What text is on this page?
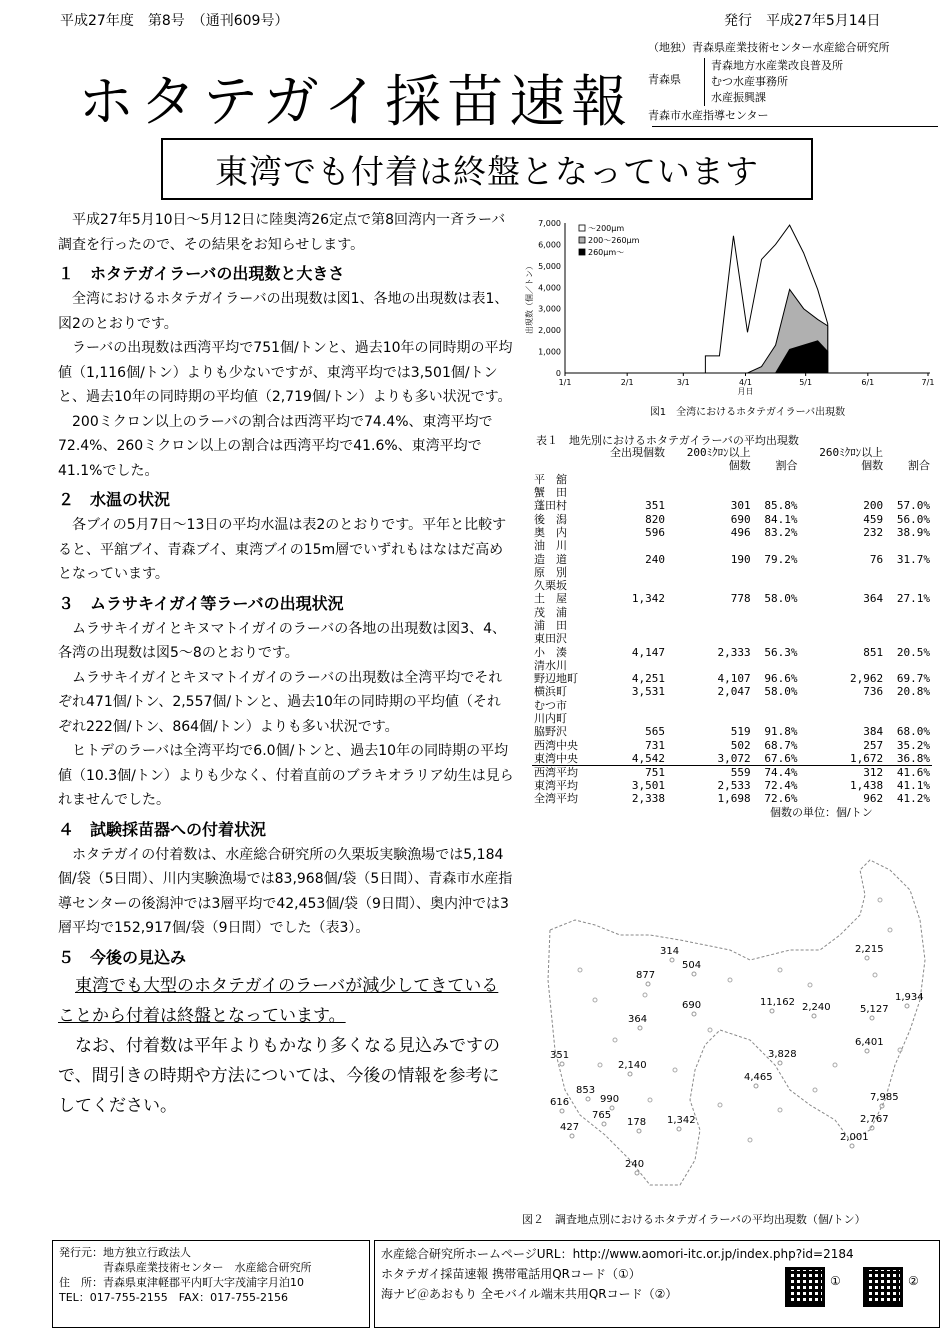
平成27年度　第8号　（通刊609号）	発行　平成27年5月14日
ホタテガイ採苗速報
（地独）青森県産業技術センター水産総合研究所
青森県
青森地方水産業改良普及所
むつ水産事務所
水産振興課
青森市水産指導センター
東湾でも付着は終盤となっています

平成27年5月10日～5月12日に陸奥湾26定点で第8回湾内一斉ラーバ調査を行ったので、その結果をお知らせします。

１　ホタテガイラーバの出現数と大きさ

全湾におけるホタテガイラーバの出現数は図1、各地の出現数は表1、図2のとおりです。

ラーバの出現数は西湾平均で751個/トンと、過去10年の同時期の平均値（1,116個/トン）よりも少ないですが、東湾平均では3,501個/トンと、過去10年の同時期の平均値（2,719個/トン）よりも多い状況です。

200ミクロン以上のラーバの割合は西湾平均で74.4%、東湾平均で72.4%、260ミクロン以上の割合は西湾平均で41.6%、東湾平均で41.1%でした。

２　水温の状況

各ブイの5月7日～13日の平均水温は表2のとおりです。平年と比較すると、平舘ブイ、青森ブイ、東湾ブイの15m層でいずれもはなはだ高めとなっています。

３　ムラサキイガイ等ラーバの出現状況

ムラサキイガイとキヌマトイガイのラーバの各地の出現数は図3、4、各湾の出現数は図5～8のとおりです。

ムラサキイガイとキヌマトイガイのラーバの出現数は全湾平均でそれぞれ471個/トン、2,557個/トンと、過去10年の同時期の平均値（それぞれ222個/トン、864個/トン）よりも多い状況です。

ヒトデのラーバは全湾平均で6.0個/トンと、過去10年の同時期の平均値（10.3個/トン）よりも少なく、付着直前のブラキオラリア幼生は見られませんでした。

４　試験採苗器への付着状況

ホタテガイの付着数は、水産総合研究所の久栗坂実験漁場では5,184個/袋（5日間）、川内実験漁場では83,968個/袋（5日間）、青森市水産指導センターの後潟沖では3層平均で42,453個/袋（9日間）、奥内沖では3層平均で152,917個/袋（9日間）でした（表3）。

５　今後の見込み

東湾でも大型のホタテガイのラーバが減少してきていることから付着は終盤となっています。

なお、付着数は平年よりもかなり多くなる見込みですので、間引きの時期や方法については、今後の情報を参考にしてください。

0
1,000
2,000
3,000
4,000
5,000
6,000
7,000
1/1	2/1	3/1	4/1	5/1	6/1	7/1
月日
出現数（個／トン）
～200μm
200～260μm
260μm～
図1　全湾におけるホタテガイラーバ出現数
表１　地先別におけるホタテガイラーバの平均出現数
	全出現個数	200ﾐｸﾛﾝ以上		260ﾐｸﾛﾝ以上	
		個数	割合	個数	割合
平　舘					
蟹　田					
蓬田村	351	301	85.8%	200	57.0%
後　潟	820	690	84.1%	459	56.0%
奥　内	596	496	83.2%	232	38.9%
油　川					
造　道	240	190	79.2%	76	31.7%
原　別					
久栗坂					
土　屋	1,342	778	58.0%	364	27.1%
茂　浦					
浦　田					
東田沢					
小　湊	4,147	2,333	56.3%	851	20.5%
清水川					
野辺地町	4,251	4,107	96.6%	2,962	69.7%
横浜町	3,531	2,047	58.0%	736	20.8%
むつ市					
川内町					
脇野沢	565	519	91.8%	384	68.0%
西湾中央	731	502	68.7%	257	35.2%
東湾中央	4,542	3,072	67.6%	1,672	36.8%
西湾平均	751	559	74.4%	312	41.6%
東湾平均	3,501	2,533	72.4%	1,438	41.1%
全湾平均	2,338	1,698	72.6%	962	41.2%
個数の単位：個/トン
314
504
877
690	11,162
2,215
1,934
2,240	5,127
364
6,401
3,828
351
2,140
4,465
853
990
616
765
7,985
427	178 1,342	2,767
2,001
240
図２　調査地点別におけるホタテガイラーバの平均出現数（個/トン）
発行元：地方独立行政法人
　　　　青森県産業技術センター　水産総合研究所
住　所：青森県東津軽郡平内町大字茂浦字月泊10
TEL：017-755-2155　FAX：017-755-2156
水産総合研究所ホームページURL：http://www.aomori-itc.or.jp/index.php?id=2184
ホタテガイ採苗速報 携帯電話用QRコード（①）
海ナビ＠あおもり 全モバイル端末共用QRコード（②）
①	②
